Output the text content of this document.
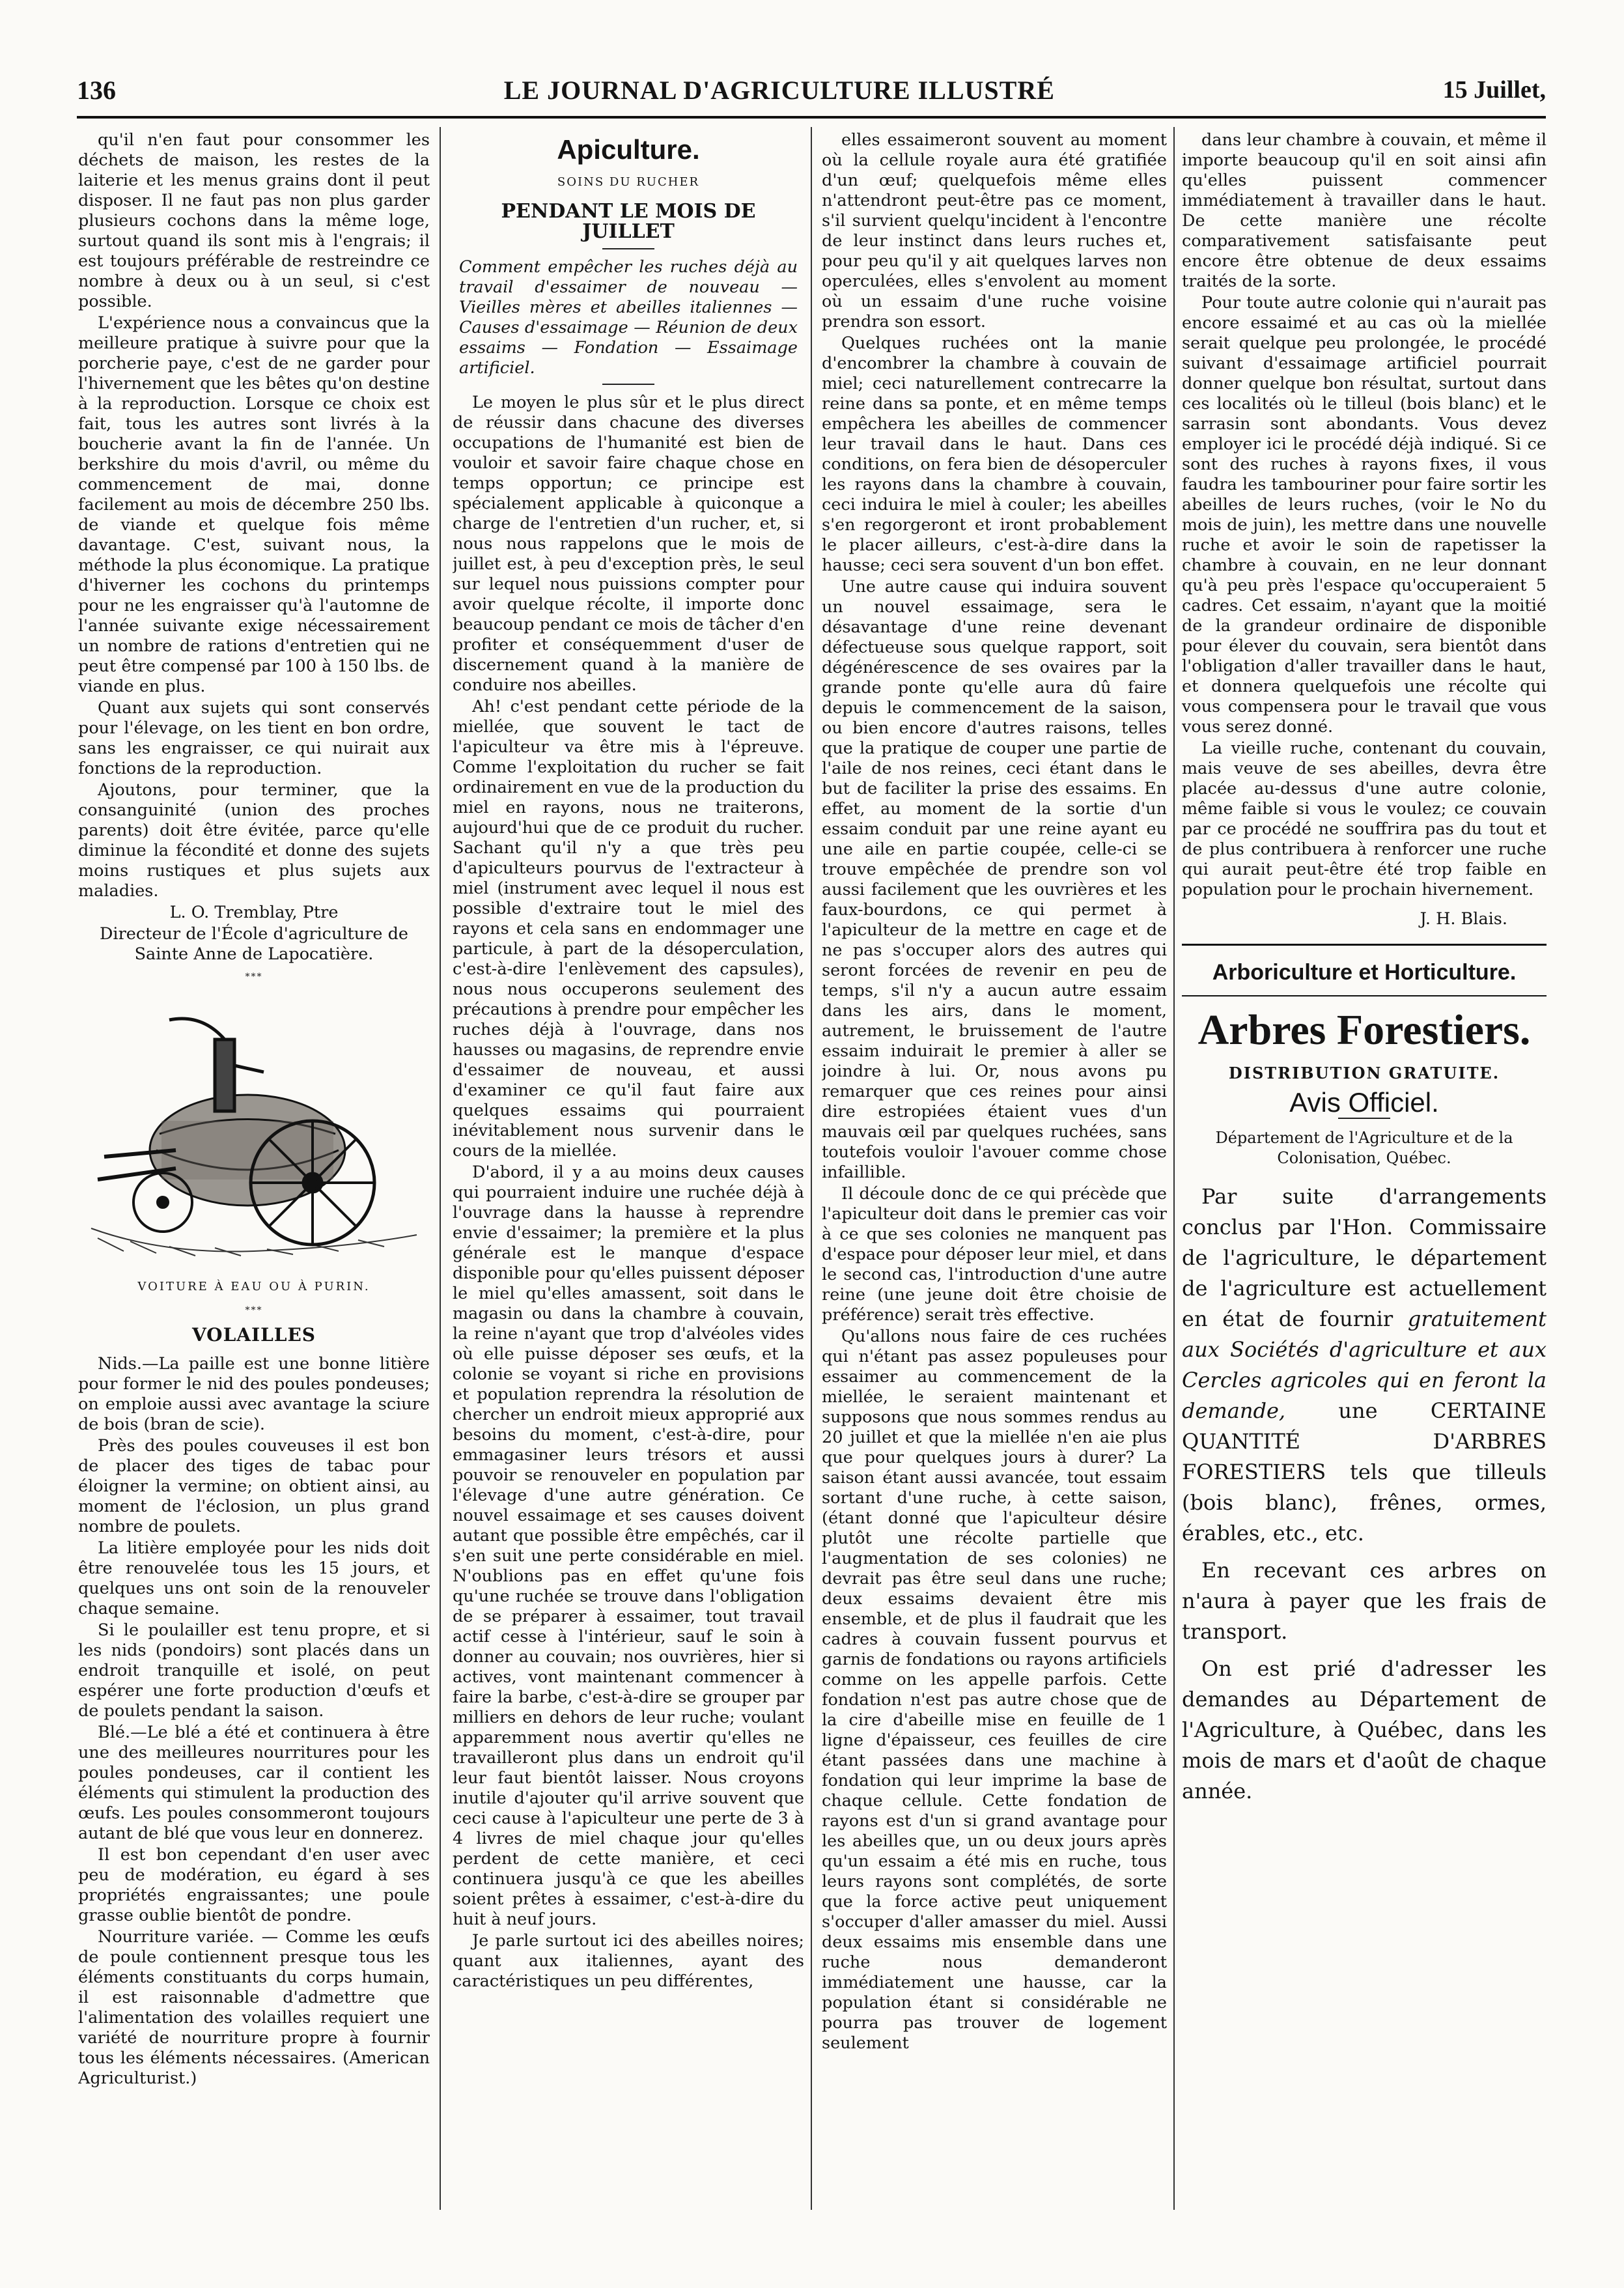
136	LE JOURNAL D'AGRICULTURE ILLUSTRÉ	15 Juillet,

qu'il n'en faut pour consommer les déchets de maison, les restes de la laiterie et les menus grains dont il peut disposer. Il ne faut pas non plus garder plusieurs cochons dans la même loge, surtout quand ils sont mis à l'engrais; il est toujours préférable de restreindre ce nombre à deux ou à un seul, si c'est possible.

L'expérience nous a convaincus que la meilleure pratique à suivre pour que la porcherie paye, c'est de ne garder pour l'hivernement que les bêtes qu'on destine à la reproduction. Lorsque ce choix est fait, tous les autres sont livrés à la boucherie avant la fin de l'année. Un berkshire du mois d'avril, ou même du commencement de mai, donne facilement au mois de décembre 250 lbs. de viande et quelque fois même davantage. C'est, suivant nous, la méthode la plus économique. La pratique d'hiverner les cochons du printemps pour ne les engraisser qu'à l'automne de l'année suivante exige nécessairement un nombre de rations d'entretien qui ne peut être compensé par 100 à 150 lbs. de viande en plus.

Quant aux sujets qui sont conservés pour l'élevage, on les tient en bon ordre, sans les engraisser, ce qui nuirait aux fonctions de la reproduction.

Ajoutons, pour terminer, que la consanguinité (union des proches parents) doit être évitée, parce qu'elle diminue la fécondité et donne des sujets moins rustiques et plus sujets aux maladies.

L. O. Tremblay, Ptre

Directeur de l'École d'agriculture de Sainte Anne de Lapocatière.

***
VOITURE À EAU OU À PURIN.
***
VOLAILLES

Nids.—La paille est une bonne litière pour former le nid des poules pondeuses; on emploie aussi avec avantage la sciure de bois (bran de scie).

Près des poules couveuses il est bon de placer des tiges de tabac pour éloigner la vermine; on obtient ainsi, au moment de l'éclosion, un plus grand nombre de poulets.

La litière employée pour les nids doit être renouvelée tous les 15 jours, et quelques uns ont soin de la renouveler chaque semaine.

Si le poulailler est tenu propre, et si les nids (pondoirs) sont placés dans un endroit tranquille et isolé, on peut espérer une forte production d'œufs et de poulets pendant la saison.

Blé.—Le blé a été et continuera à être une des meilleures nourritures pour les poules pondeuses, car il contient les éléments qui stimulent la production des œufs. Les poules consommeront toujours autant de blé que vous leur en donnerez.

Il est bon cependant d'en user avec peu de modération, eu égard à ses propriétés engraissantes; une poule grasse oublie bientôt de pondre.

Nourriture variée. — Comme les œufs de poule contiennent presque tous les éléments constituants du corps humain, il est raisonnable d'admettre que l'alimentation des volailles requiert une variété de nourriture propre à fournir tous les éléments nécessaires. (American Agriculturist.)

Apiculture.
SOINS DU RUCHER
PENDANT LE MOIS DE JUILLET

Comment empêcher les ruches déjà au travail d'essaimer de nouveau — Vieilles mères et abeilles italiennes — Causes d'essaimage — Réunion de deux essaims — Fondation — Essaimage artificiel.

Le moyen le plus sûr et le plus direct de réussir dans chacune des diverses occupations de l'humanité est bien de vouloir et savoir faire chaque chose en temps opportun; ce principe est spécialement applicable à quiconque a charge de l'entretien d'un rucher, et, si nous nous rappelons que le mois de juillet est, à peu d'exception près, le seul sur lequel nous puissions compter pour avoir quelque récolte, il importe donc beaucoup pendant ce mois de tâcher d'en profiter et conséquemment d'user de discernement quand à la manière de conduire nos abeilles.

Ah! c'est pendant cette période de la miellée, que souvent le tact de l'apiculteur va être mis à l'épreuve. Comme l'exploitation du rucher se fait ordinairement en vue de la production du miel en rayons, nous ne traiterons, aujourd'hui que de ce produit du rucher. Sachant qu'il n'y a que très peu d'apiculteurs pourvus de l'extracteur à miel (instrument avec lequel il nous est possible d'extraire tout le miel des rayons et cela sans en endommager une particule, à part de la désoperculation, c'est-à-dire l'enlèvement des capsules), nous nous occuperons seulement des précautions à prendre pour empêcher les ruches déjà à l'ouvrage, dans nos hausses ou magasins, de reprendre envie d'essaimer de nouveau, et aussi d'examiner ce qu'il faut faire aux quelques essaims qui pourraient inévitablement nous survenir dans le cours de la miellée.

D'abord, il y a au moins deux causes qui pourraient induire une ruchée déjà à l'ouvrage dans la hausse à reprendre envie d'essaimer; la première et la plus générale est le manque d'espace disponible pour qu'elles puissent déposer le miel qu'elles amassent, soit dans le magasin ou dans la chambre à couvain, la reine n'ayant que trop d'alvéoles vides où elle puisse déposer ses œufs, et la colonie se voyant si riche en provisions et population reprendra la résolution de chercher un endroit mieux approprié aux besoins du moment, c'est-à-dire, pour emmagasiner leurs trésors et aussi pouvoir se renouveler en population par l'élevage d'une autre génération. Ce nouvel essaimage et ses causes doivent autant que possible être empêchés, car il s'en suit une perte considérable en miel. N'oublions pas en effet qu'une fois qu'une ruchée se trouve dans l'obligation de se préparer à essaimer, tout travail actif cesse à l'intérieur, sauf le soin à donner au couvain; nos ouvrières, hier si actives, vont maintenant commencer à faire la barbe, c'est-à-dire se grouper par milliers en dehors de leur ruche; voulant apparemment nous avertir qu'elles ne travailleront plus dans un endroit qu'il leur faut bientôt laisser. Nous croyons inutile d'ajouter qu'il arrive souvent que ceci cause à l'apiculteur une perte de 3 à 4 livres de miel chaque jour qu'elles perdent de cette manière, et ceci continuera jusqu'à ce que les abeilles soient prêtes à essaimer, c'est-à-dire du huit à neuf jours.

Je parle surtout ici des abeilles noires; quant aux italiennes, ayant des caractéristiques un peu différentes,

elles essaimeront souvent au moment où la cellule royale aura été gratifiée d'un œuf; quelquefois même elles n'attendront peut-être pas ce moment, s'il survient quelqu'incident à l'encontre de leur instinct dans leurs ruches et, pour peu qu'il y ait quelques larves non operculées, elles s'envolent au moment où un essaim d'une ruche voisine prendra son essort.

Quelques ruchées ont la manie d'encombrer la chambre à couvain de miel; ceci naturellement contrecarre la reine dans sa ponte, et en même temps empêchera les abeilles de commencer leur travail dans le haut. Dans ces conditions, on fera bien de désoperculer les rayons dans la chambre à couvain, ceci induira le miel à couler; les abeilles s'en regorgeront et iront probablement le placer ailleurs, c'est-à-dire dans la hausse; ceci sera souvent d'un bon effet.

Une autre cause qui induira souvent un nouvel essaimage, sera le désavantage d'une reine devenant défectueuse sous quelque rapport, soit dégénérescence de ses ovaires par la grande ponte qu'elle aura dû faire depuis le commencement de la saison, ou bien encore d'autres raisons, telles que la pratique de couper une partie de l'aile de nos reines, ceci étant dans le but de faciliter la prise des essaims. En effet, au moment de la sortie d'un essaim conduit par une reine ayant eu une aile en partie coupée, celle-ci se trouve empêchée de prendre son vol aussi facilement que les ouvrières et les faux-bourdons, ce qui permet à l'apiculteur de la mettre en cage et de ne pas s'occuper alors des autres qui seront forcées de revenir en peu de temps, s'il n'y a aucun autre essaim dans les airs, dans le moment, autrement, le bruissement de l'autre essaim induirait le premier à aller se joindre à lui. Or, nous avons pu remarquer que ces reines pour ainsi dire estropiées étaient vues d'un mauvais œil par quelques ruchées, sans toutefois vouloir l'avouer comme chose infaillible.

Il découle donc de ce qui précède que l'apiculteur doit dans le premier cas voir à ce que ses colonies ne manquent pas d'espace pour déposer leur miel, et dans le second cas, l'introduction d'une autre reine (une jeune doit être choisie de préférence) serait très effective.

Qu'allons nous faire de ces ruchées qui n'étant pas assez populeuses pour essaimer au commencement de la miellée, le seraient maintenant et supposons que nous sommes rendus au 20 juillet et que la miellée n'en aie plus que pour quelques jours à durer? La saison étant aussi avancée, tout essaim sortant d'une ruche, à cette saison, (étant donné que l'apiculteur désire plutôt une récolte partielle que l'augmentation de ses colonies) ne devrait pas être seul dans une ruche; deux essaims devaient être mis ensemble, et de plus il faudrait que les cadres à couvain fussent pourvus et garnis de fondations ou rayons artificiels comme on les appelle parfois. Cette fondation n'est pas autre chose que de la cire d'abeille mise en feuille de 1 ligne d'épaisseur, ces feuilles de cire étant passées dans une machine à fondation qui leur imprime la base de chaque cellule. Cette fondation de rayons est d'un si grand avantage pour les abeilles que, un ou deux jours après qu'un essaim a été mis en ruche, tous leurs rayons sont complétés, de sorte que la force active peut uniquement s'occuper d'aller amasser du miel. Aussi deux essaims mis ensemble dans une ruche nous demanderont immédiatement une hausse, car la population étant si considérable ne pourra pas trouver de logement seulement

dans leur chambre à couvain, et même il importe beaucoup qu'il en soit ainsi afin qu'elles puissent commencer immédiatement à travailler dans le haut. De cette manière une récolte comparativement satisfaisante peut encore être obtenue de deux essaims traités de la sorte.

Pour toute autre colonie qui n'aurait pas encore essaimé et au cas où la miellée serait quelque peu prolongée, le procédé suivant d'essaimage artificiel pourrait donner quelque bon résultat, surtout dans ces localités où le tilleul (bois blanc) et le sarrasin sont abondants. Vous devez employer ici le procédé déjà indiqué. Si ce sont des ruches à rayons fixes, il vous faudra les tambouriner pour faire sortir les abeilles de leurs ruches, (voir le No du mois de juin), les mettre dans une nouvelle ruche et avoir le soin de rapetisser la chambre à couvain, en ne leur donnant qu'à peu près l'espace qu'occuperaient 5 cadres. Cet essaim, n'ayant que la moitié de la grandeur ordinaire de disponible pour élever du couvain, sera bientôt dans l'obligation d'aller travailler dans le haut, et donnera quelquefois une récolte qui vous compensera pour le travail que vous vous serez donné.

La vieille ruche, contenant du couvain, mais veuve de ses abeilles, devra être placée au-dessus d'une autre colonie, même faible si vous le voulez; ce couvain par ce procédé ne souffrira pas du tout et de plus contribuera à renforcer une ruche qui aurait peut-être été trop faible en population pour le prochain hivernement.

J. H. Blais.

Arboriculture et Horticulture.
Arbres Forestiers.
DISTRIBUTION GRATUITE.
Avis Officiel.

Département de l'Agriculture et de la Colonisation, Québec.

Par suite d'arrangements conclus par l'Hon. Commissaire de l'agriculture, le département de l'agriculture est actuellement en état de fournir gratuitement aux Sociétés d'agriculture et aux Cercles agricoles qui en feront la demande, une CERTAINE QUANTITÉ D'ARBRES FORESTIERS tels que tilleuls (bois blanc), frênes, ormes, érables, etc., etc.

En recevant ces arbres on n'aura à payer que les frais de transport.

On est prié d'adresser les demandes au Département de l'Agriculture, à Québec, dans les mois de mars et d'août de chaque année.
